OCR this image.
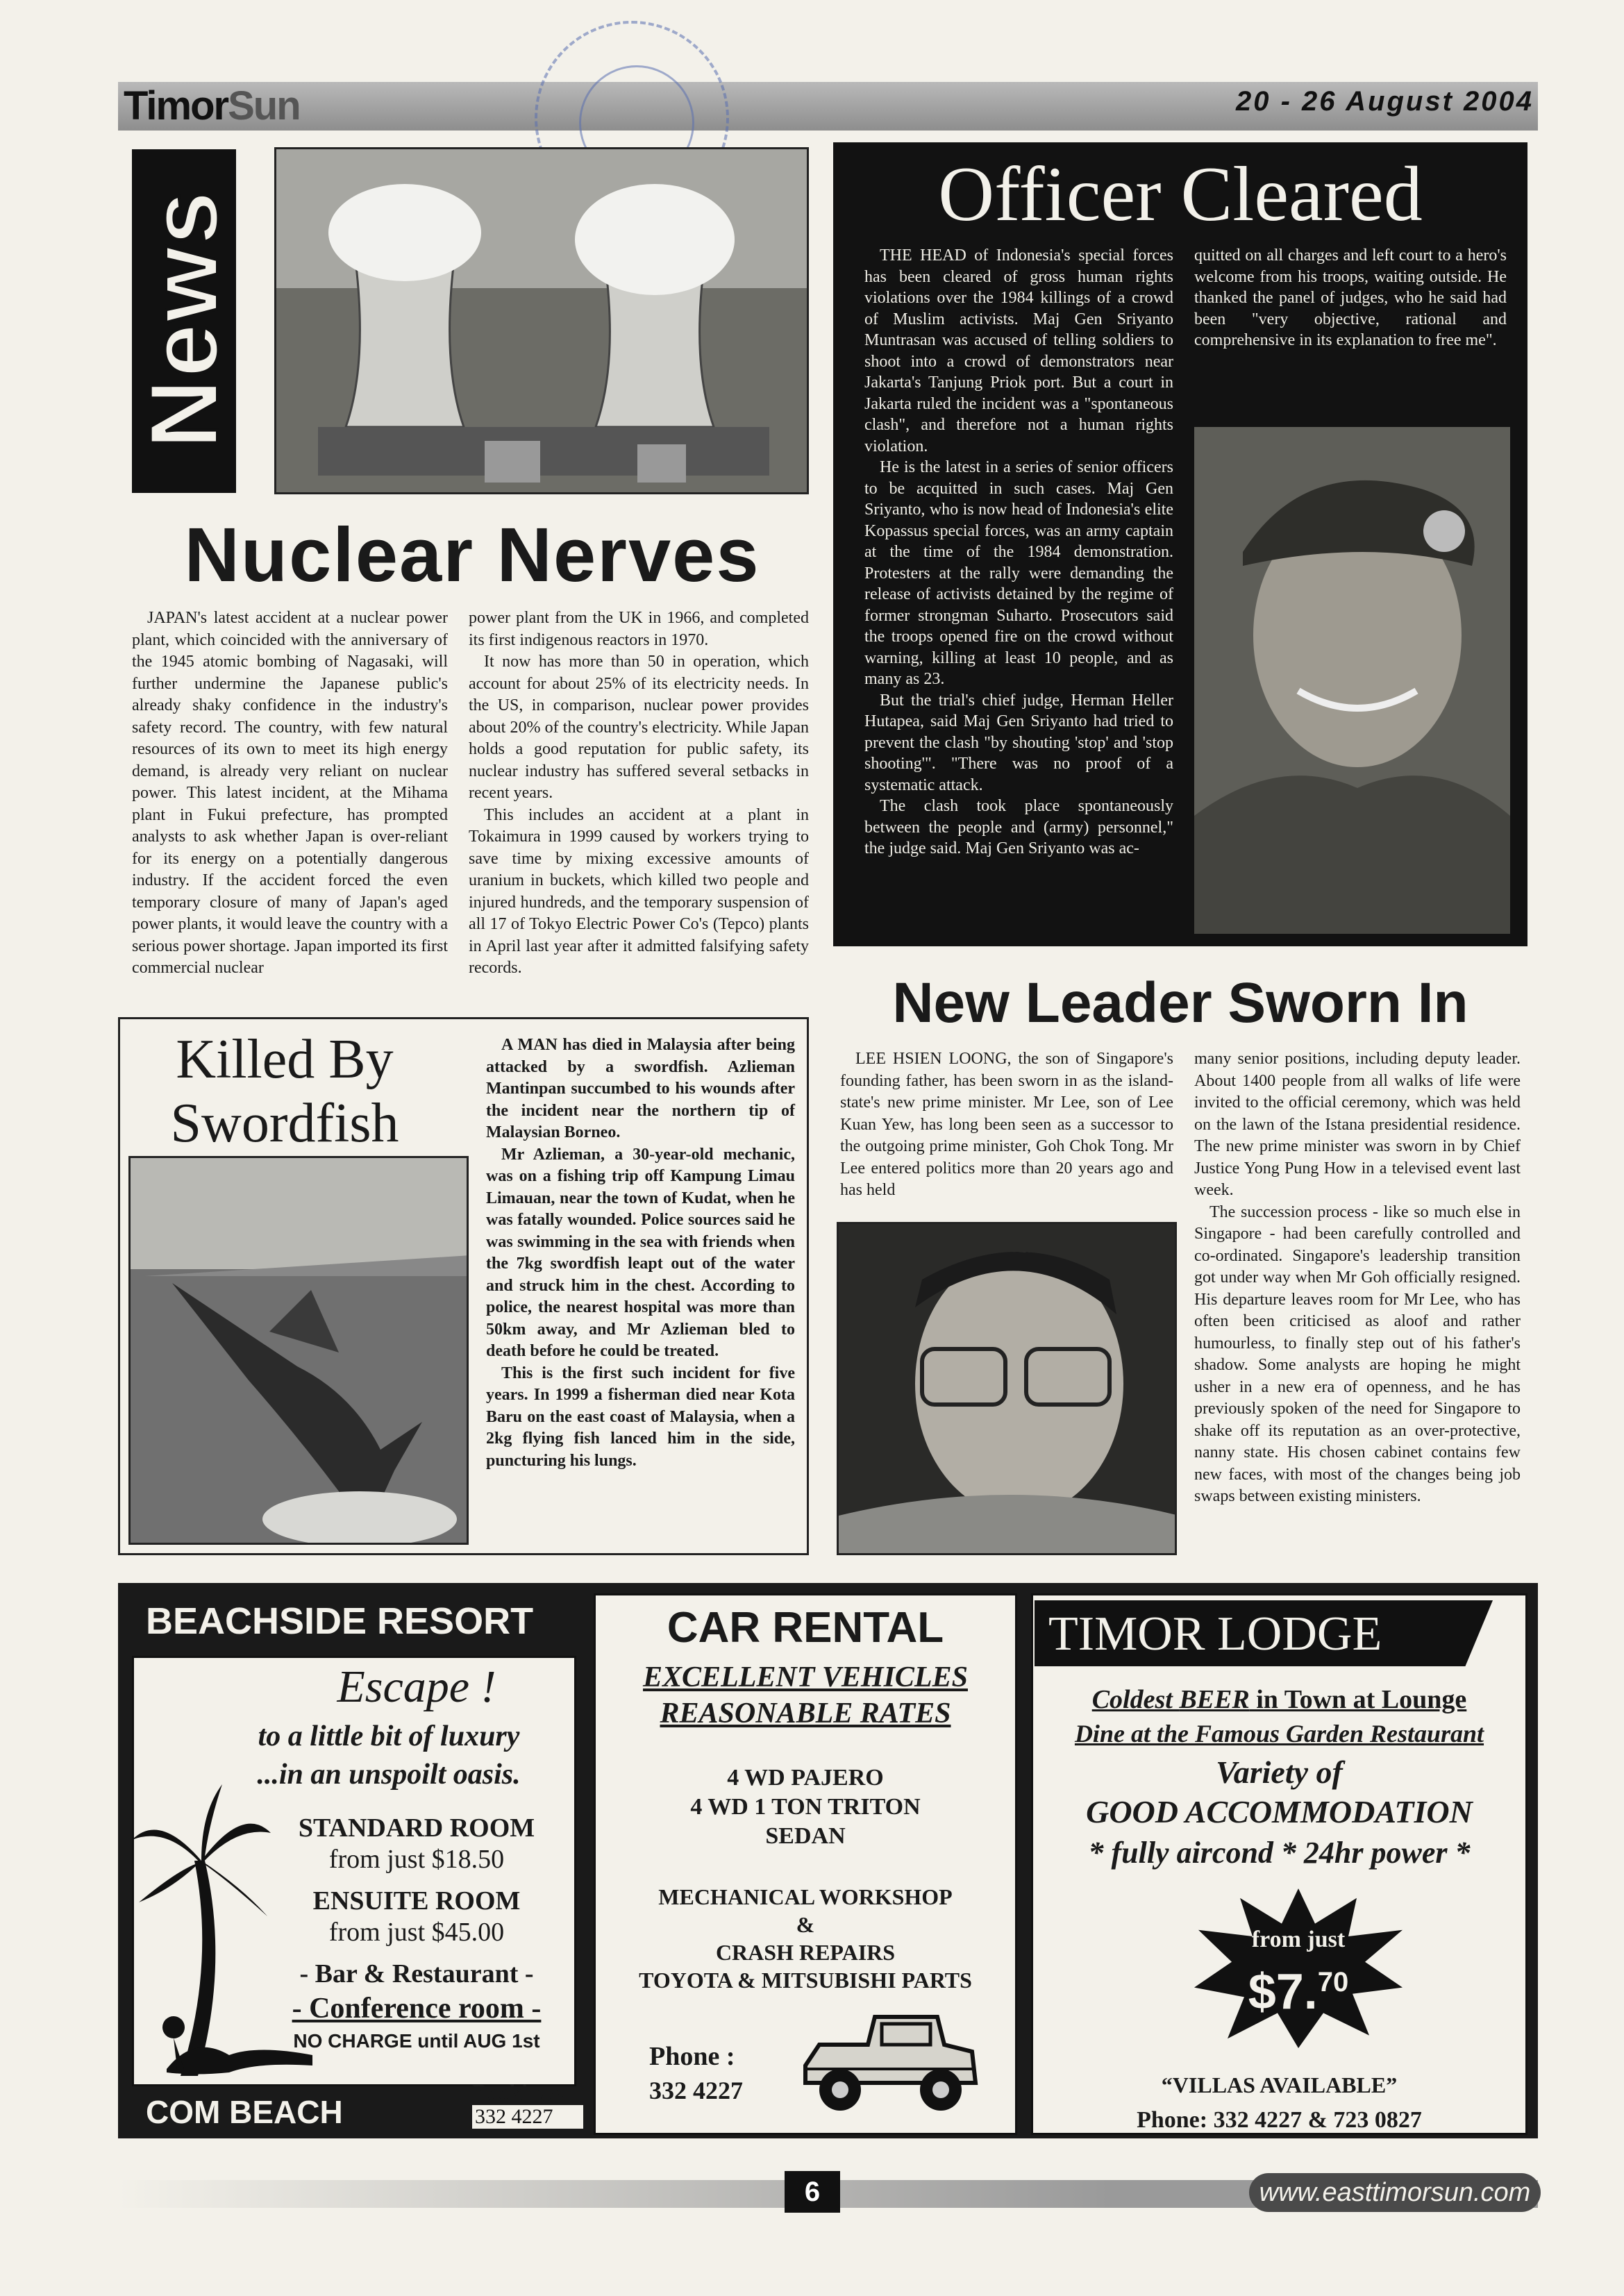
TimorSun	20 - 26 August 2004
News
Nuclear Nerves

JAPAN's latest accident at a nuclear power plant, which coincided with the anniversary of the 1945 atomic bombing of Nagasaki, will further undermine the Japanese public's already shaky confidence in the industry's safety record. The country, with few natural resources of its own to meet its high energy demand, is already very reliant on nuclear power. This latest incident, at the Mihama plant in Fukui prefecture, has prompted analysts to ask whether Japan is over-reliant for its energy on a potentially dangerous industry. If the accident forced the even temporary closure of many of Japan's aged power plants, it would leave the country with a serious power shortage. Japan imported its first commercial nuclear

power plant from the UK in 1966, and completed its first indigenous reactors in 1970.

It now has more than 50 in operation, which account for about 25% of its electricity needs. In the US, in comparison, nuclear power provides about 20% of the country's electricity. While Japan holds a good reputation for public safety, its nuclear industry has suffered several setbacks in recent years.

This includes an accident at a plant in Tokaimura in 1999 caused by workers trying to save time by mixing excessive amounts of uranium in buckets, which killed two people and injured hundreds, and the temporary suspension of all 17 of Tokyo Electric Power Co's (Tepco) plants in April last year after it admitted falsifying safety records.

Officer Cleared

THE HEAD of Indonesia's special forces has been cleared of gross human rights violations over the 1984 killings of a crowd of Muslim activists. Maj Gen Sriyanto Muntrasan was accused of telling soldiers to shoot into a crowd of demonstrators near Jakarta's Tanjung Priok port. But a court in Jakarta ruled the incident was a "spontaneous clash", and therefore not a human rights violation.

He is the latest in a series of senior officers to be acquitted in such cases. Maj Gen Sriyanto, who is now head of Indonesia's elite Kopassus special forces, was an army captain at the time of the 1984 demonstration. Protesters at the rally were demanding the release of activists detained by the regime of former strongman Suharto. Prosecutors said the troops opened fire on the crowd without warning, killing at least 10 people, and as many as 23.

But the trial's chief judge, Herman Heller Hutapea, said Maj Gen Sriyanto had tried to prevent the clash "by shouting 'stop' and 'stop shooting'". "There was no proof of a systematic attack.

The clash took place spontaneously between the people and (army) personnel," the judge said. Maj Gen Sriyanto was ac-

quitted on all charges and left court to a hero's welcome from his troops, waiting outside. He thanked the panel of judges, who he said had been "very objective, rational and comprehensive in its explanation to free me".

Killed By
Swordfish

A MAN has died in Malaysia after being attacked by a swordfish. Azlieman Mantinpan succumbed to his wounds after the incident near the northern tip of Malaysian Borneo.

Mr Azlieman, a 30-year-old mechanic, was on a fishing trip off Kampung Limau Limauan, near the town of Kudat, when he was fatally wounded. Police sources said he was swimming in the sea with friends when the 7kg swordfish leapt out of the water and struck him in the chest. According to police, the nearest hospital was more than 50km away, and Mr Azlieman bled to death before he could be treated.

This is the first such incident for five years. In 1999 a fisherman died near Kota Baru on the east coast of Malaysia, when a 2kg flying fish lanced him in the side, puncturing his lungs.

New Leader Sworn In

LEE HSIEN LOONG, the son of Singapore's founding father, has been sworn in as the island-state's new prime minister. Mr Lee, son of Lee Kuan Yew, has long been seen as a successor to the outgoing prime minister, Goh Chok Tong. Mr Lee entered politics more than 20 years ago and has held

many senior positions, including deputy leader. About 1400 people from all walks of life were invited to the official ceremony, which was held on the lawn of the Istana presidential residence. The new prime minister was sworn in by Chief Justice Yong Pung How in a televised event last week.

The succession process - like so much else in Singapore - had been carefully controlled and co-ordinated. Singapore's leadership transition got under way when Mr Goh officially resigned. His departure leaves room for Mr Lee, who has often been criticised as aloof and rather humourless, to finally step out of his father's shadow. Some analysts are hoping he might usher in a new era of openness, and he has previously spoken of the need for Singapore to shake off its reputation as an over-protective, nanny state. His chosen cabinet contains few new faces, with most of the changes being job swaps between existing ministers.

BEACHSIDE RESORT
Escape !
to a little bit of luxury
...in an unspoilt oasis.
STANDARD ROOM
from just $18.50
ENSUITE ROOM
from just $45.00
- Bar & Restaurant -
- Conference room -
NO CHARGE until AUG 1st
Bookings:
COM BEACH RESORT
332 4227
CAR RENTAL
EXCELLENT VEHICLES
REASONABLE RATES
4 WD PAJERO
4 WD 1 TON TRITON
SEDAN
MECHANICAL WORKSHOP
&
CRASH REPAIRS
TOYOTA & MITSUBISHI PARTS
Phone :
332 4227
TIMOR LODGE
Coldest BEER in Town at Lounge
Dine at the Famous Garden Restaurant
Variety of
GOOD ACCOMMODATION
* fully aircond * 24hr power *
from just
$7.70
“VILLAS AVAILABLE”
Phone: 332 4227 & 723 0827
6	www.easttimorsun.com
